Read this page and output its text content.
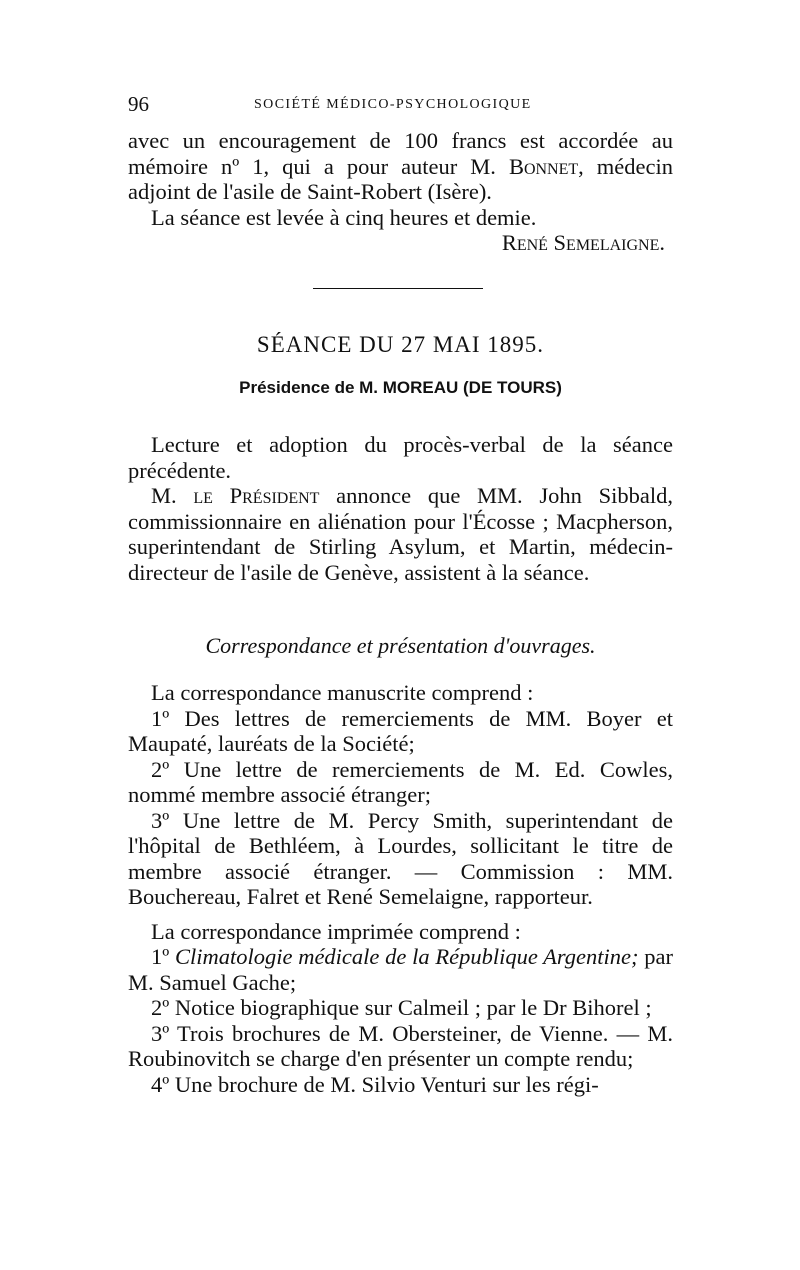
96	SOCIÉTÉ MÉDICO-PSYCHOLOGIQUE

avec un encouragement de 100 francs est accordée au mémoire nº 1, qui a pour auteur M. Bonnet, médecin adjoint de l'asile de Saint-Robert (Isère).

La séance est levée à cinq heures et demie.

René Semelaigne.

SÉANCE DU 27 MAI 1895.
Présidence de M. MOREAU (DE TOURS)

Lecture et adoption du procès-verbal de la séance précédente.

M. le Président annonce que MM. John Sibbald, commissionnaire en aliénation pour l'Écosse ; Macpherson, superintendant de Stirling Asylum, et Martin, médecin-directeur de l'asile de Genève, assistent à la séance.

Correspondance et présentation d'ouvrages.

La correspondance manuscrite comprend :

1º Des lettres de remerciements de MM. Boyer et Maupaté, lauréats de la Société;

2º Une lettre de remerciements de M. Ed. Cowles, nommé membre associé étranger;

3º Une lettre de M. Percy Smith, superintendant de l'hôpital de Bethléem, à Lourdes, sollicitant le titre de membre associé étranger. — Commission : MM. Bouchereau, Falret et René Semelaigne, rapporteur.

La correspondance imprimée comprend :

1º Climatologie médicale de la République Argentine; par M. Samuel Gache;

2º Notice biographique sur Calmeil ; par le Dr Bihorel ;

3º Trois brochures de M. Obersteiner, de Vienne. — M. Roubinovitch se charge d'en présenter un compte rendu;

4º Une brochure de M. Silvio Venturi sur les régi-
